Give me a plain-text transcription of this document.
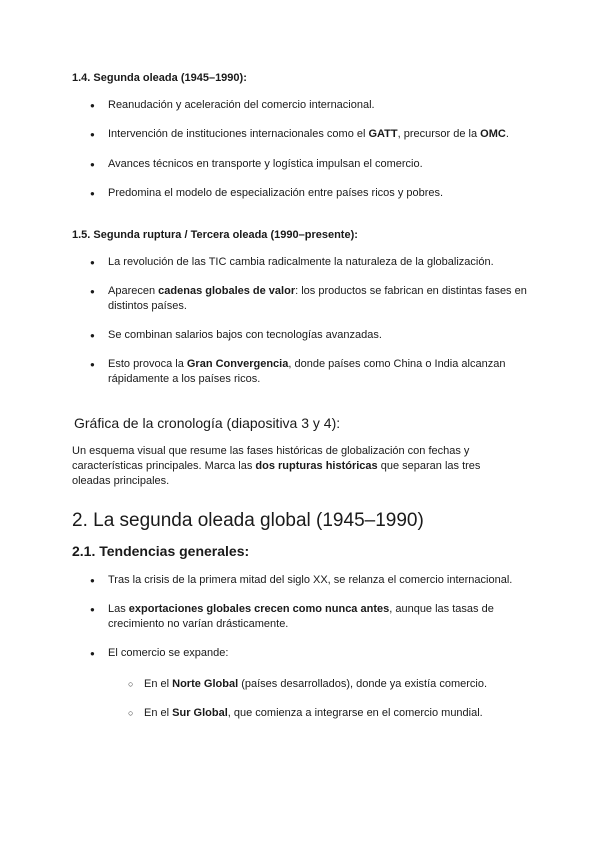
1.4. Segunda oleada (1945–1990):
● Reanudación y aceleración del comercio internacional.
● Intervención de instituciones internacionales como el GATT, precursor de la OMC.
● Avances técnicos en transporte y logística impulsan el comercio.
● Predomina el modelo de especialización entre países ricos y pobres.
1.5. Segunda ruptura / Tercera oleada (1990–presente):
● La revolución de las TIC cambia radicalmente la naturaleza de la globalización.
● Aparecen cadenas globales de valor: los productos se fabrican en distintas fases en distintos países.
● Se combinan salarios bajos con tecnologías avanzadas.
● Esto provoca la Gran Convergencia, donde países como China o India alcanzan rápidamente a los países ricos.
Gráfica de la cronología (diapositiva 3 y 4):
Un esquema visual que resume las fases históricas de globalización con fechas y características principales. Marca las dos rupturas históricas que separan las tres oleadas principales.
2. La segunda oleada global (1945–1990)
2.1. Tendencias generales:
● Tras la crisis de la primera mitad del siglo XX, se relanza el comercio internacional.
● Las exportaciones globales crecen como nunca antes, aunque las tasas de crecimiento no varían drásticamente.
● El comercio se expande:
○ En el Norte Global (países desarrollados), donde ya existía comercio.
○ En el Sur Global, que comienza a integrarse en el comercio mundial.
